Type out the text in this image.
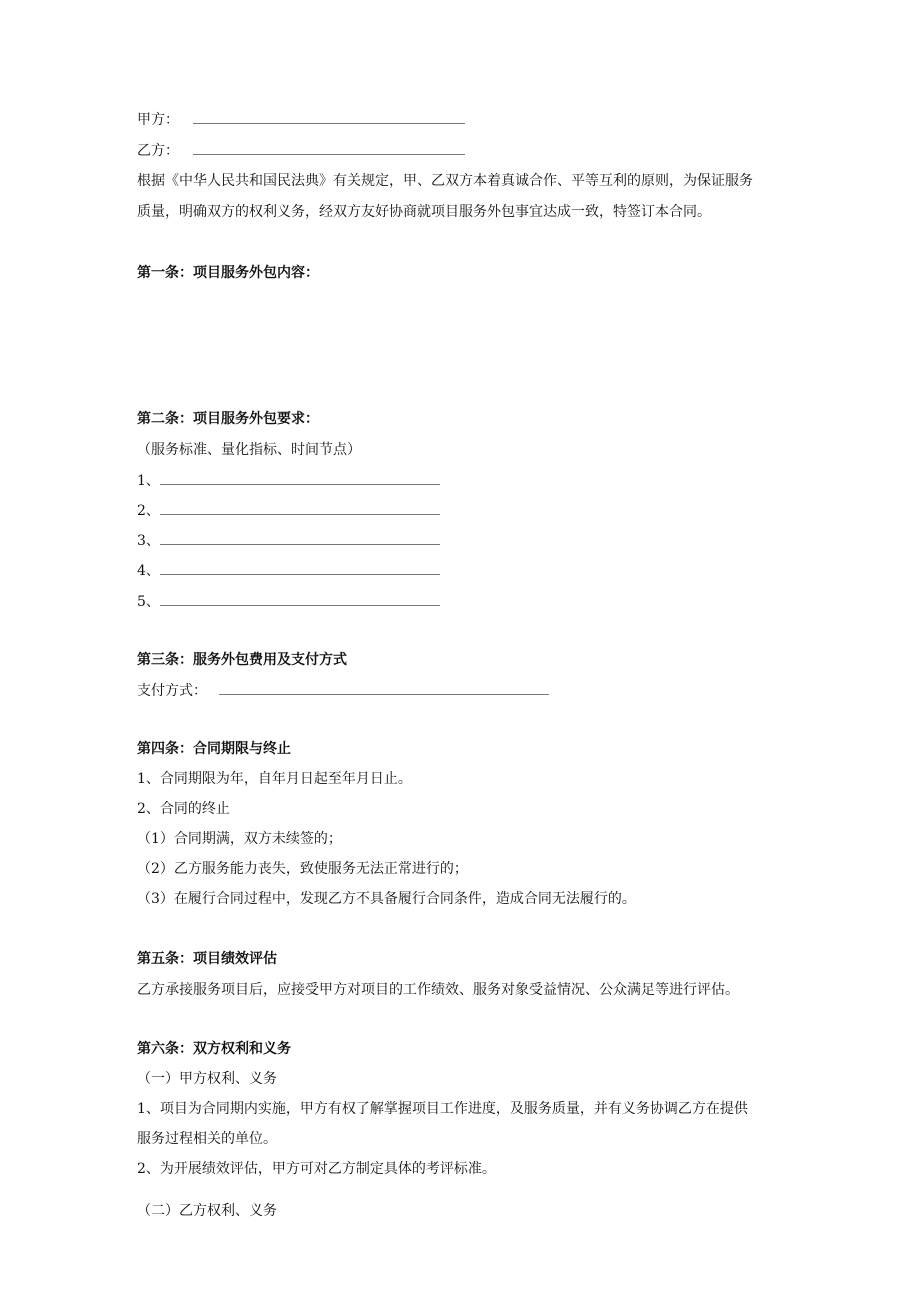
甲方：
乙方：
根据《中华人民共和国民法典》有关规定，甲、乙双方本着真诚合作、平等互利的原则，为保证服务
质量，明确双方的权利义务，经双方友好协商就项目服务外包事宜达成一致，特签订本合同。
第一条：项目服务外包内容：
第二条：项目服务外包要求：
（服务标准、量化指标、时间节点）
1、
2、
3、
4、
5、
第三条：服务外包费用及支付方式
支付方式：
第四条：合同期限与终止
1、合同期限为年，自年月日起至年月日止。
2、合同的终止
（1）合同期满，双方未续签的；
（2）乙方服务能力丧失，致使服务无法正常进行的；
（3）在履行合同过程中，发现乙方不具备履行合同条件，造成合同无法履行的。
第五条：项目绩效评估
乙方承接服务项目后，应接受甲方对项目的工作绩效、服务对象受益情况、公众满足等进行评估。
第六条：双方权利和义务
（一）甲方权利、义务
1、项目为合同期内实施，甲方有权了解掌握项目工作进度，及服务质量，并有义务协调乙方在提供
服务过程相关的单位。
2、为开展绩效评估，甲方可对乙方制定具体的考评标准。
（二）乙方权利、义务
